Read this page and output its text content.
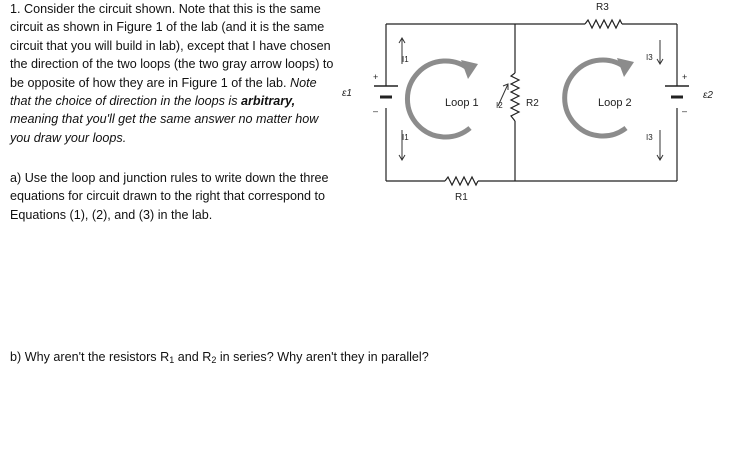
1. Consider the circuit shown. Note that this is the same circuit as shown in Figure 1 of the lab (and it is the same circuit that you will build in lab), except that I have chosen the direction of the two loops (the two gray arrow loops) to be opposite of how they are in Figure 1 of the lab. Note that the choice of direction in the loops is arbitrary, meaning that you'll get the same answer no matter how you draw your loops.
a) Use the loop and junction rules to write down the three equations for circuit drawn to the right that correspond to Equations (1), (2), and (3) in the lab.
b) Why aren't the resistors $R_1$ and $R_2$ in series? Why aren't they in parallel?
R3
R1
R2
ε1	ε2
Loop 1	Loop 2
I1
I1
I2
I3
I3
+
–
+
–
